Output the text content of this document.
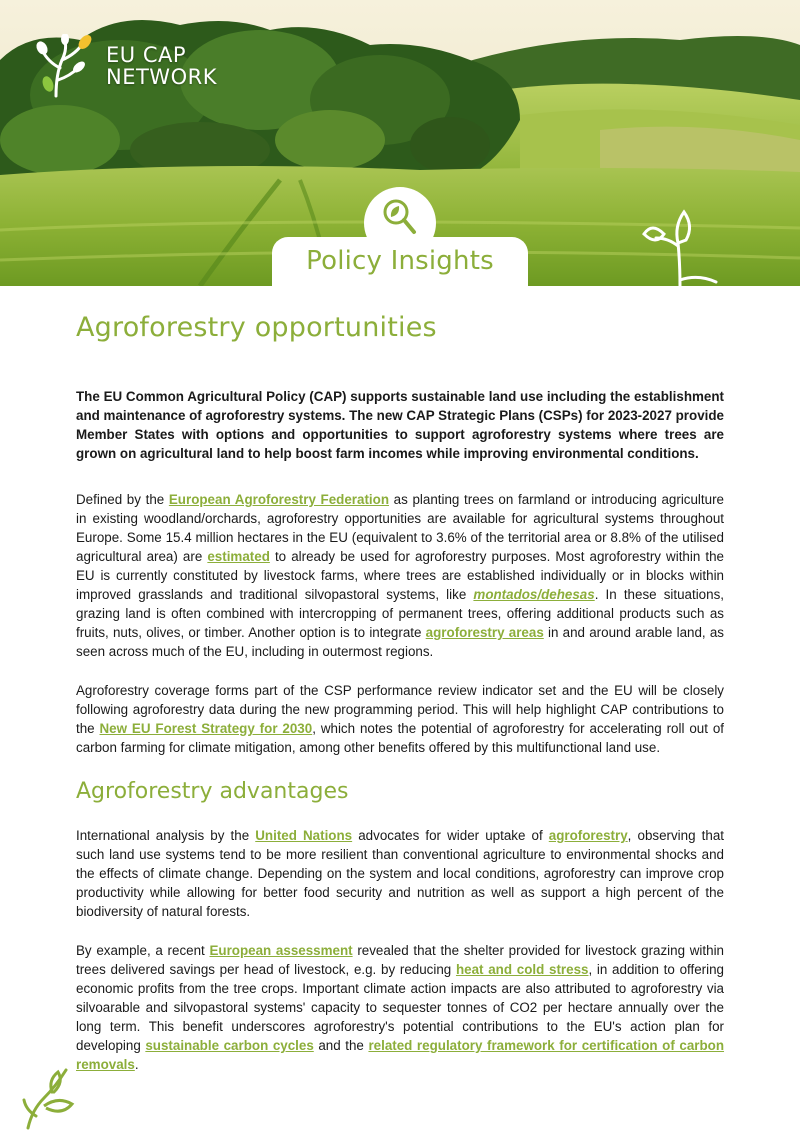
EU CAP
NETWORK
Policy Insights
Agroforestry opportunities

The EU Common Agricultural Policy (CAP) supports sustainable land use including the establishment and maintenance of agroforestry systems. The new CAP Strategic Plans (CSPs) for 2023-2027 provide Member States with options and opportunities to support agroforestry systems where trees are grown on agricultural land to help boost farm incomes while improving environmental conditions.

Defined by the European Agroforestry Federation as planting trees on farmland or introducing agriculture in existing woodland/orchards, agroforestry opportunities are available for agricultural systems throughout Europe. Some 15.4 million hectares in the EU (equivalent to 3.6% of the territorial area or 8.8% of the utilised agricultural area) are estimated to already be used for agroforestry purposes. Most agroforestry within the EU is currently constituted by livestock farms, where trees are established individually or in blocks within improved grasslands and traditional silvopastoral systems, like montados/dehesas. In these situations, grazing land is often combined with intercropping of permanent trees, offering additional products such as fruits, nuts, olives, or timber. Another option is to integrate agroforestry areas in and around arable land, as seen across much of the EU, including in outermost regions.

Agroforestry coverage forms part of the CSP performance review indicator set and the EU will be closely following agroforestry data during the new programming period. This will help highlight CAP contributions to the New EU Forest Strategy for 2030, which notes the potential of agroforestry for accelerating roll out of carbon farming for climate mitigation, among other benefits offered by this multifunctional land use.

Agroforestry advantages

International analysis by the United Nations advocates for wider uptake of agroforestry, observing that such land use systems tend to be more resilient than conventional agriculture to environmental shocks and the effects of climate change. Depending on the system and local conditions, agroforestry can improve crop productivity while allowing for better food security and nutrition as well as support a high percent of the biodiversity of natural forests.

By example, a recent European assessment revealed that the shelter provided for livestock grazing within trees delivered savings per head of livestock, e.g. by reducing heat and cold stress, in addition to offering economic profits from the tree crops. Important climate action impacts are also attributed to agroforestry via silvoarable and silvopastoral systems' capacity to sequester tonnes of CO2 per hectare annually over the long term. This benefit underscores agroforestry's potential contributions to the EU's action plan for developing sustainable carbon cycles and the related regulatory framework for certification of carbon removals.
